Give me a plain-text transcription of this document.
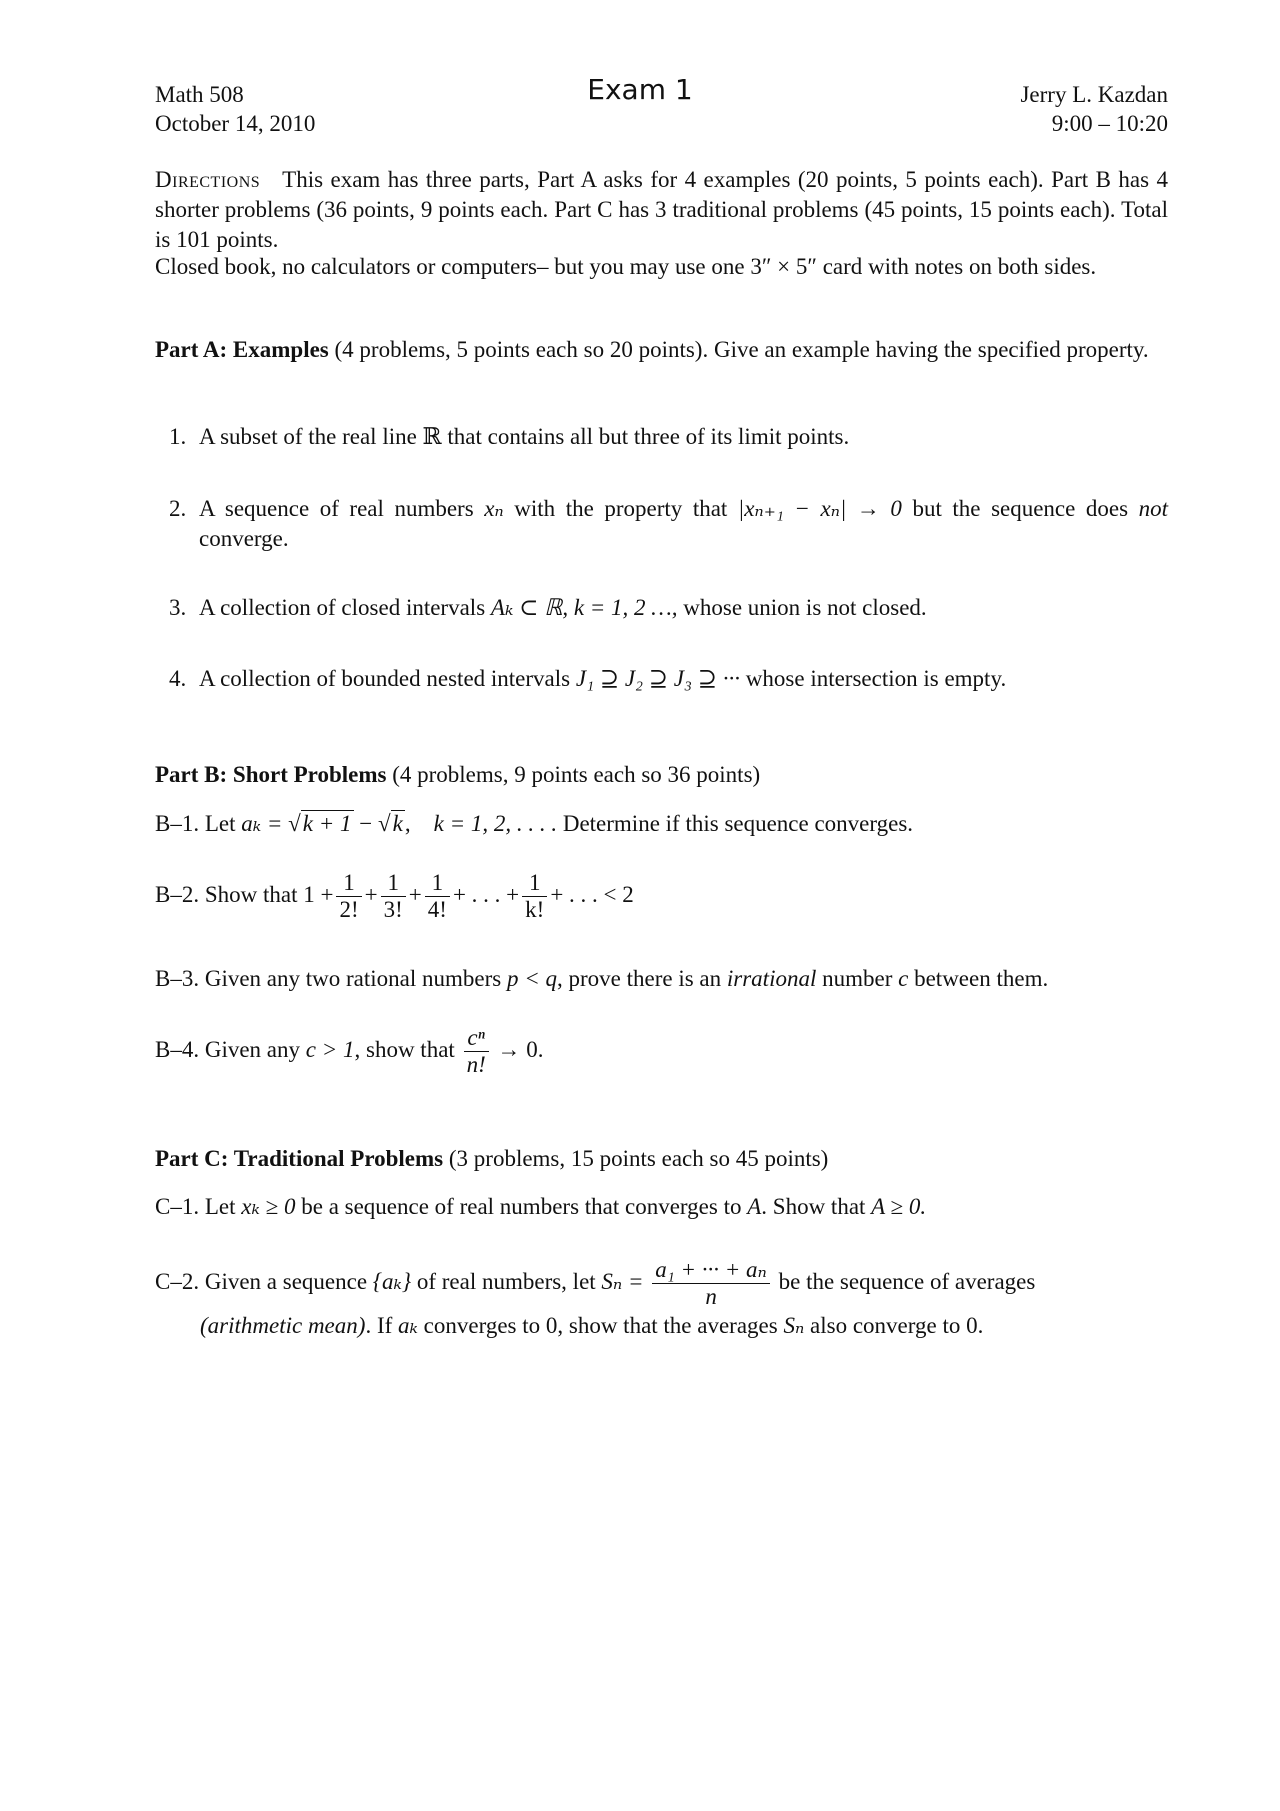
Math 508
October 14, 2010
Exam 1	Jerry L. Kazdan
9:00 – 10:20
Directions This exam has three parts, Part A asks for 4 examples (20 points, 5 points each). Part B has 4 shorter problems (36 points, 9 points each. Part C has 3 traditional problems (45 points, 15 points each). Total is 101 points.
Closed book, no calculators or computers– but you may use one 3″ × 5″ card with notes on both sides.
Part A: Examples (4 problems, 5 points each so 20 points). Give an example having the specified property.
1. A subset of the real line ℝ that contains all but three of its limit points.
2. A sequence of real numbers xₙ with the property that |xₙ₊₁ − xₙ| → 0 but the sequence does not converge.
3. A collection of closed intervals Aₖ ⊂ ℝ, k = 1, 2 …, whose union is not closed.
4. A collection of bounded nested intervals J₁ ⊇ J₂ ⊇ J₃ ⊇ ··· whose intersection is empty.
Part B: Short Problems (4 problems, 9 points each so 36 points)
B–1. Let aₖ = √k + 1 − √k, k = 1, 2, . . . . Determine if this sequence converges.
B–2. Show that $1 + \frac{1}{2!} + \frac{1}{3!} + \frac{1}{4!}$ + . . . + $\frac{1}{k!}$ + . . . < 2
B–3. Given any two rational numbers p < q, prove there is an irrational number c between them.
B–4. Given any c > 1, show that $\frac{\text{cⁿ}}{n!} \to 0$.
Part C: Traditional Problems (3 problems, 15 points each so 45 points)
C–1. Let xₖ ≥ 0 be a sequence of real numbers that converges to A. Show that A ≥ 0.
C–2. Given a sequence {aₖ} of real numbers, let $S_n = \frac{\text{a₁ + ··· + aₙ}}{n}$ be the sequence of averages
(arithmetic mean). If aₖ converges to 0, show that the averages Sₙ also converge to 0.
